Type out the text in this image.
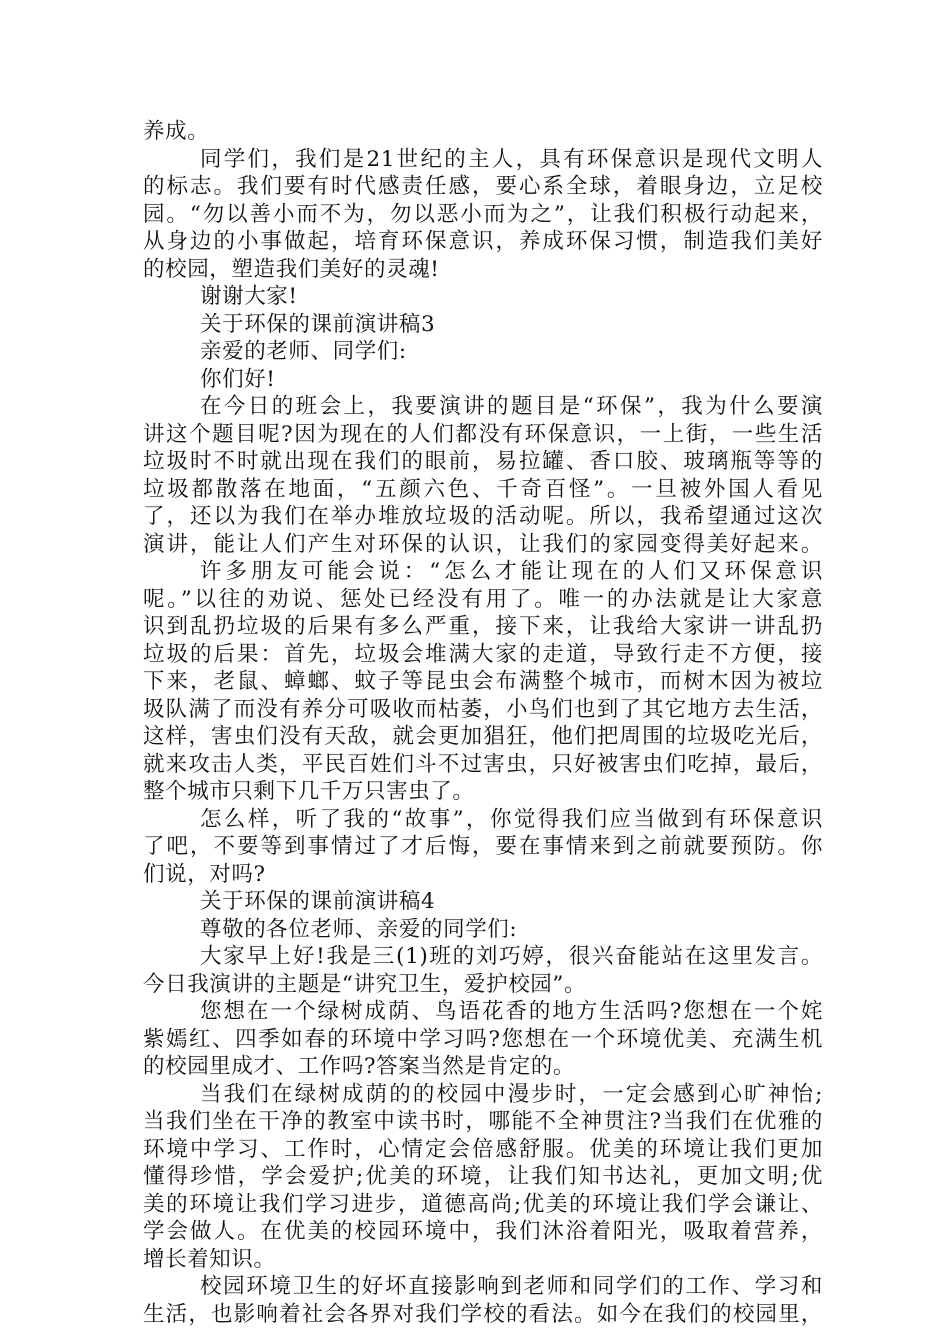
养成。
同学们，我们是21世纪的主人，具有环保意识是现代文明人
的标志。我们要有时代感责任感，要心系全球，着眼身边，立足校
园。“勿以善小而不为，勿以恶小而为之”，让我们积极行动起来，
从身边的小事做起，培育环保意识，养成环保习惯，制造我们美好
的校园，塑造我们美好的灵魂!
谢谢大家!
关于环保的课前演讲稿3
亲爱的老师、同学们:
你们好!
在今日的班会上，我要演讲的题目是“环保”，我为什么要演
讲这个题目呢?因为现在的人们都没有环保意识，一上街，一些生活
垃圾时不时就出现在我们的眼前，易拉罐、香口胶、玻璃瓶等等的
垃圾都散落在地面，“五颜六色、千奇百怪”。一旦被外国人看见
了，还以为我们在举办堆放垃圾的活动呢。所以，我希望通过这次
演讲，能让人们产生对环保的认识，让我们的家园变得美好起来。
许多朋友可能会说：“怎么才能让现在的人们又环保意识
呢。”以往的劝说、惩处已经没有用了。唯一的办法就是让大家意
识到乱扔垃圾的后果有多么严重，接下来，让我给大家讲一讲乱扔
垃圾的后果：首先，垃圾会堆满大家的走道，导致行走不方便，接
下来，老鼠、蟑螂、蚊子等昆虫会布满整个城市，而树木因为被垃
圾队满了而没有养分可吸收而枯萎，小鸟们也到了其它地方去生活，
这样，害虫们没有天敌，就会更加猖狂，他们把周围的垃圾吃光后，
就来攻击人类，平民百姓们斗不过害虫，只好被害虫们吃掉，最后，
整个城市只剩下几千万只害虫了。
怎么样，听了我的“故事”，你觉得我们应当做到有环保意识
了吧，不要等到事情过了才后悔，要在事情来到之前就要预防。你
们说，对吗?
关于环保的课前演讲稿4
尊敬的各位老师、亲爱的同学们:
大家早上好!我是三(1)班的刘巧婷，很兴奋能站在这里发言。
今日我演讲的主题是“讲究卫生，爱护校园”。
您想在一个绿树成荫、鸟语花香的地方生活吗?您想在一个姹
紫嫣红、四季如春的环境中学习吗?您想在一个环境优美、充满生机
的校园里成才、工作吗?答案当然是肯定的。
当我们在绿树成荫的的校园中漫步时，一定会感到心旷神怡;
当我们坐在干净的教室中读书时，哪能不全神贯注?当我们在优雅的
环境中学习、工作时，心情定会倍感舒服。优美的环境让我们更加
懂得珍惜，学会爱护;优美的环境，让我们知书达礼，更加文明;优
美的环境让我们学习进步，道德高尚;优美的环境让我们学会谦让、
学会做人。在优美的校园环境中，我们沐浴着阳光，吸取着营养，
增长着知识。
校园环境卫生的好坏直接影响到老师和同学们的工作、学习和
生活，也影响着社会各界对我们学校的看法。如今在我们的校园里，
